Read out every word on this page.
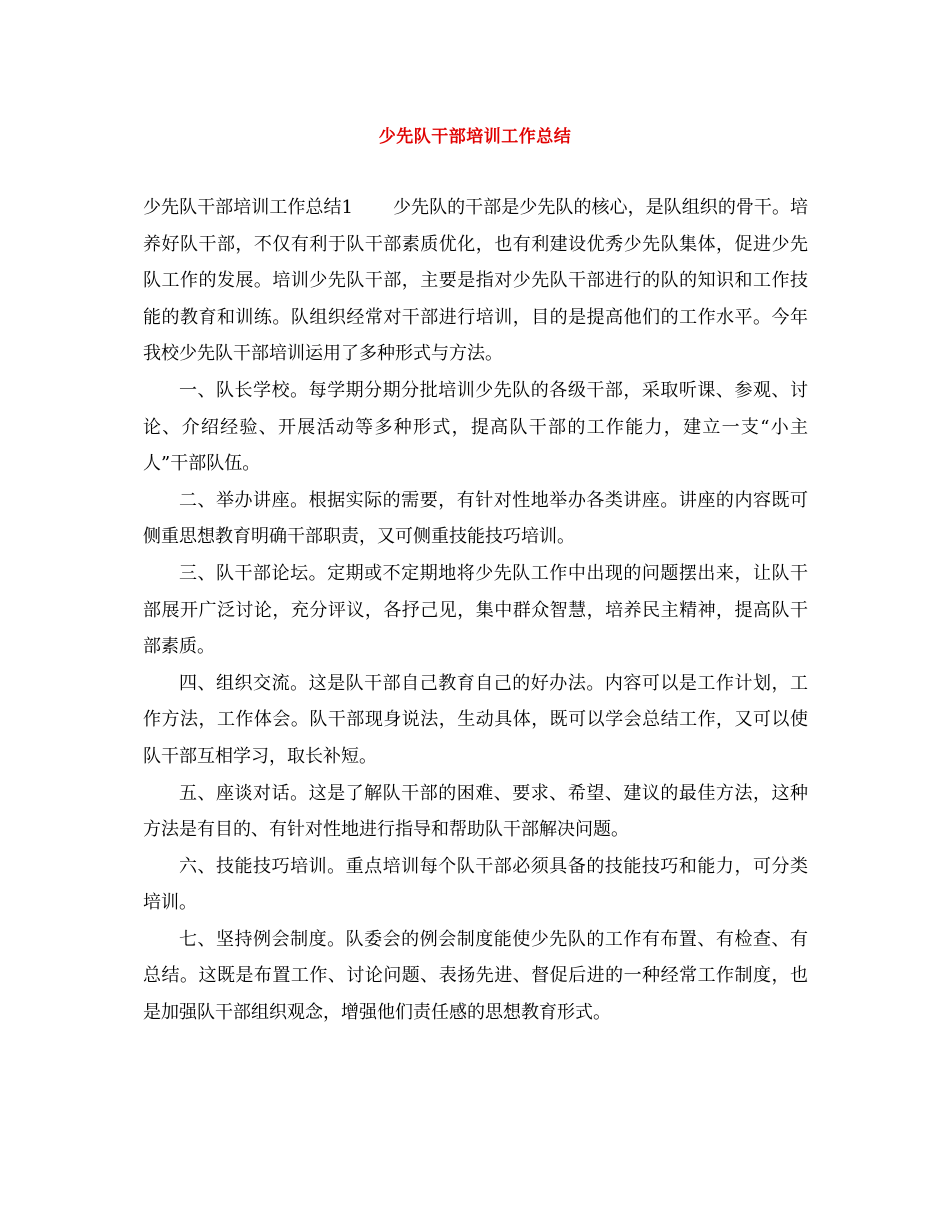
少先队干部培训工作总结

少先队干部培训工作总结1 少先队的干部是少先队的核心，是队组织的骨干。培养好队干部，不仅有利于队干部素质优化，也有利建设优秀少先队集体，促进少先队工作的发展。培训少先队干部，主要是指对少先队干部进行的队的知识和工作技能的教育和训练。队组织经常对干部进行培训，目的是提高他们的工作水平。今年我校少先队干部培训运用了多种形式与方法。

一、队长学校。每学期分期分批培训少先队的各级干部，采取听课、参观、讨论、介绍经验、开展活动等多种形式，提高队干部的工作能力，建立一支“小主人”干部队伍。

二、举办讲座。根据实际的需要，有针对性地举办各类讲座。讲座的内容既可侧重思想教育明确干部职责，又可侧重技能技巧培训。

三、队干部论坛。定期或不定期地将少先队工作中出现的问题摆出来，让队干部展开广泛讨论，充分评议，各抒己见，集中群众智慧，培养民主精神，提高队干部素质。

四、组织交流。这是队干部自己教育自己的好办法。内容可以是工作计划，工作方法，工作体会。队干部现身说法，生动具体，既可以学会总结工作，又可以使队干部互相学习，取长补短。

五、座谈对话。这是了解队干部的困难、要求、希望、建议的最佳方法，这种方法是有目的、有针对性地进行指导和帮助队干部解决问题。

六、技能技巧培训。重点培训每个队干部必须具备的技能技巧和能力，可分类培训。

七、坚持例会制度。队委会的例会制度能使少先队的工作有布置、有检查、有总结。这既是布置工作、讨论问题、表扬先进、督促后进的一种经常工作制度，也是加强队干部组织观念，增强他们责任感的思想教育形式。
